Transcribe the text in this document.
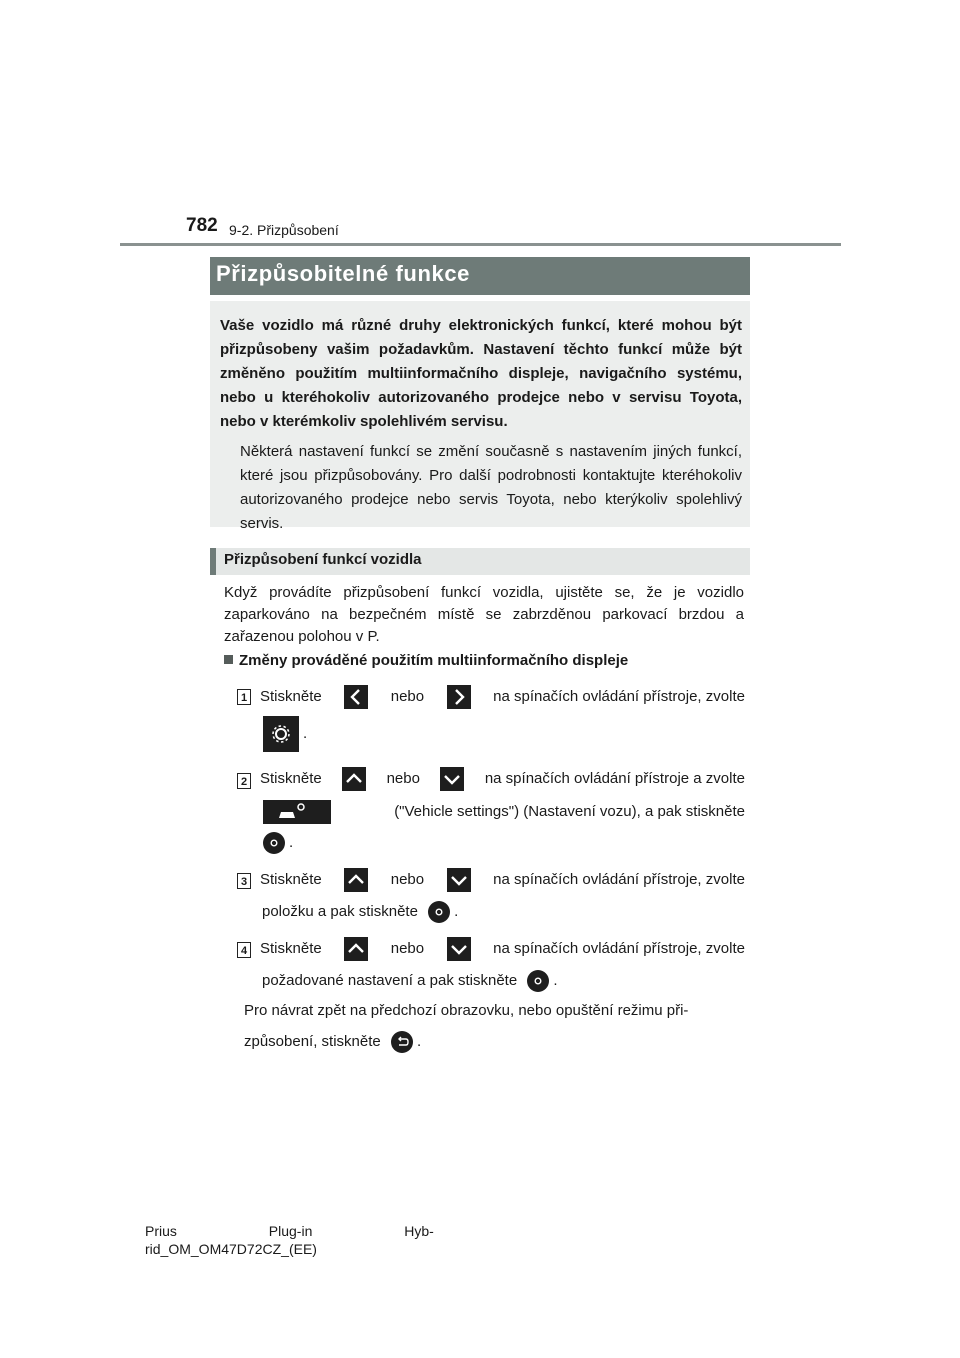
782 9-2. Přizpůsobení
Přizpůsobitelné funkce
Vaše vozidlo má různé druhy elektronických funkcí, které mohou být přizpůsobeny vašim požadavkům. Nastavení těchto funkcí může být změněno použitím multiinformačního displeje, navigačního systému, nebo u kteréhokoliv autorizovaného prodejce nebo v servisu Toyota, nebo v kterémkoliv spolehlivém servisu.
Některá nastavení funkcí se změní současně s nastavením jiných funkcí, které jsou přizpůsobovány. Pro další podrobnosti kontaktujte kteréhokoliv autorizovaného prodejce nebo servis Toyota, nebo kterýkoliv spolehlivý servis.
Přizpůsobení funkcí vozidla
Když provádíte přizpůsobení funkcí vozidla, ujistěte se, že je vozidlo zaparkováno na bezpečném místě se zabrzděnou parkovací brzdou a zařazenou polohou v P.
Změny prováděné použitím multiinformačního displeje
1 Stiskněte	nebo	na spínačích ovládání přístroje, zvolte
.
2 Stiskněte	nebo	na spínačích ovládání přístroje a zvolte
("Vehicle settings") (Nastavení vozu), a pak stiskněte
.
3 Stiskněte	nebo	na spínačích ovládání přístroje, zvolte
položku a pak stiskněte .
4 Stiskněte	nebo	na spínačích ovládání přístroje, zvolte
požadované nastavení a pak stiskněte .
Pro návrat zpět na předchozí obrazovku, nebo opuštění režimu při-
způsobení, stiskněte .
Prius Plug-in Hyb-
rid_OM_OM47D72CZ_(EE)
